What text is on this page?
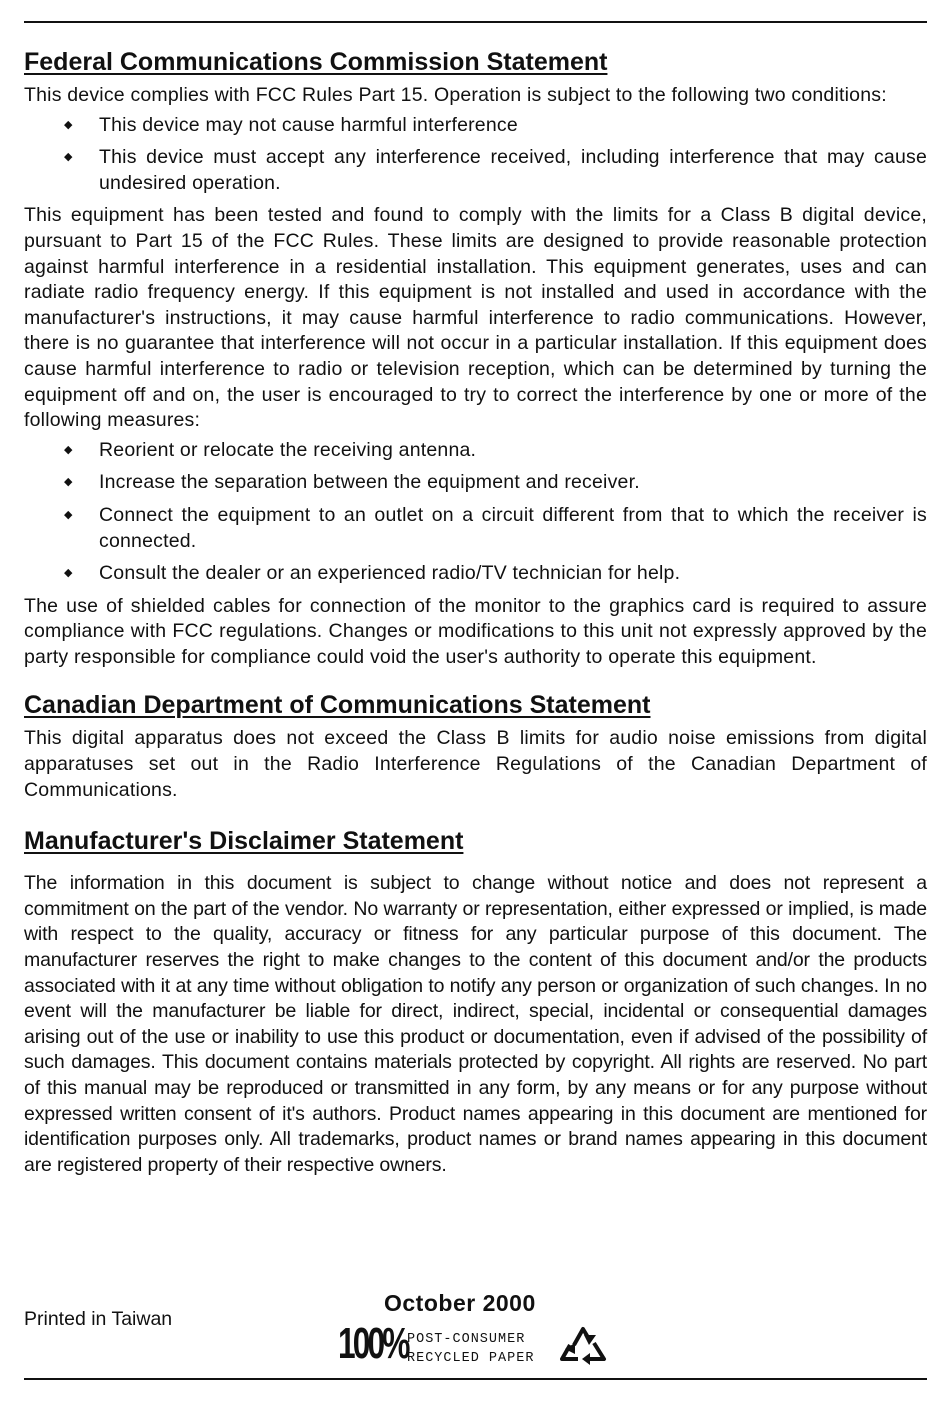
Federal Communications Commission Statement

This device complies with FCC Rules Part 15. Operation is subject to the following two conditions:

◆ This device may not cause harmful interference
◆ This device must accept any interference received, including interference that may cause undesired operation.

This equipment has been tested and found to comply with the limits for a Class B digital device, pursuant to Part 15 of the FCC Rules. These limits are designed to provide reasonable protection against harmful interference in a residential installation. This equipment generates, uses and can radiate radio frequency energy. If this equipment is not installed and used in accordance with the manufacturer's instructions, it may cause harmful interference to radio communications. However, there is no guarantee that interference will not occur in a particular installation. If this equipment does cause harmful interference to radio or television reception, which can be determined by turning the equipment off and on, the user is encouraged to try to correct the interference by one or more of the following measures:

◆ Reorient or relocate the receiving antenna.
◆ Increase the separation between the equipment and receiver.
◆ Connect the equipment to an outlet on a circuit different from that to which the receiver is connected.
◆ Consult the dealer or an experienced radio/TV technician for help.

The use of shielded cables for connection of the monitor to the graphics card is required to assure compliance with FCC regulations. Changes or modifications to this unit not expressly approved by the party responsible for compliance could void the user's authority to operate this equipment.

Canadian Department of Communications Statement

This digital apparatus does not exceed the Class B limits for audio noise emissions from digital apparatuses set out in the Radio Interference Regulations of the Canadian Department of Communications.

Manufacturer's Disclaimer Statement

The information in this document is subject to change without notice and does not represent a commitment on the part of the vendor. No warranty or representation, either expressed or implied, is made with respect to the quality, accuracy or fitness for any particular purpose of this document. The manufacturer reserves the right to make changes to the content of this document and/or the products associated with it at any time without obligation to notify any person or organization of such changes. In no event will the manufacturer be liable for direct, indirect, special, incidental or consequential damages arising out of the use or inability to use this product or documentation, even if advised of the possibility of such damages. This document contains materials protected by copyright. All rights are reserved. No part of this manual may be reproduced or transmitted in any form, by any means or for any purpose without expressed written consent of it's authors. Product names appearing in this document are mentioned for identification purposes only. All trademarks, product names or brand names appearing in this document are registered property of their respective owners.

Printed in Taiwan
October 2000
100% POST-CONSUMER
RECYCLED PAPER
